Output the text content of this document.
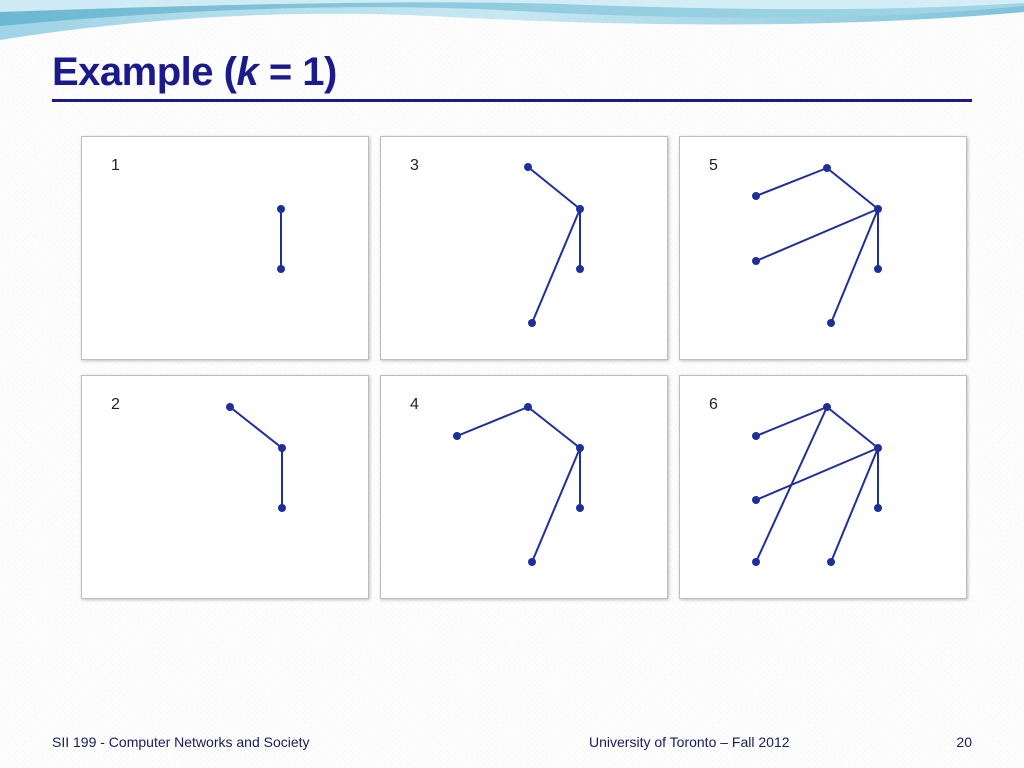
Example (k = 1)
1	3	5
2	4	6
SII 199 - Computer Networks and Society	University of Toronto – Fall 2012	20
